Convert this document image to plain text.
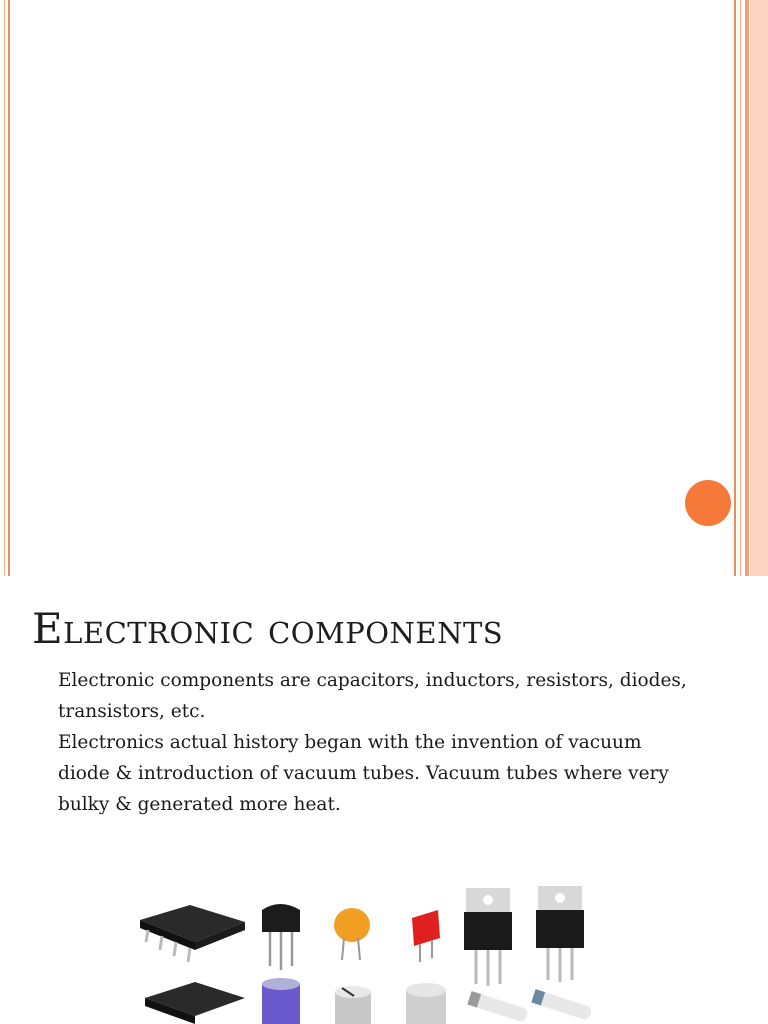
Electronic components

Electronic components are capacitors, inductors, resistors, diodes, transistors, etc.

Electronics actual history began with the invention of vacuum diode & introduction of vacuum tubes. Vacuum tubes where very bulky & generated more heat.
